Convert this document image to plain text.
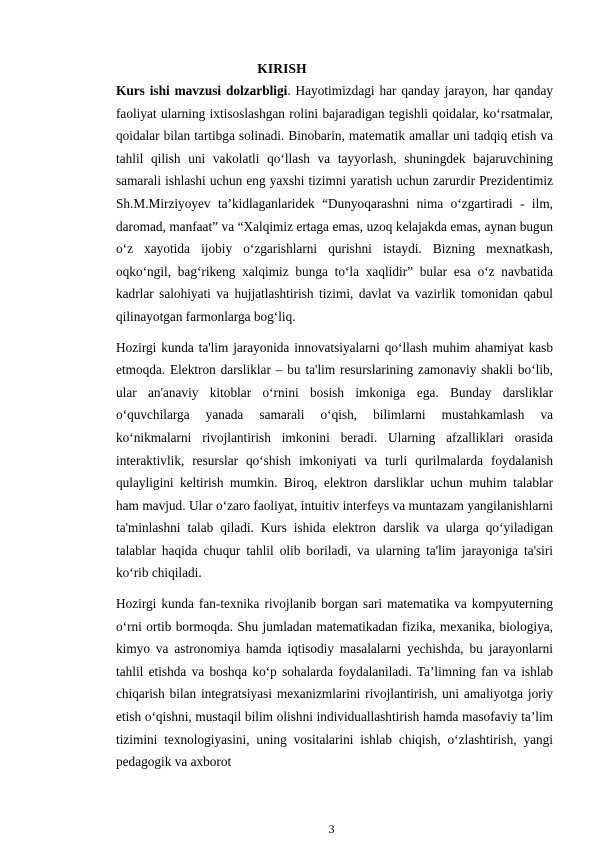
KIRISH

Kurs ishi mavzusi dolzarbligi. Hayotimizdagi har qanday jarayon, har qanday faoliyat ularning ixtisoslashgan rolini bajaradigan tegishli qoidalar, ko‘rsatmalar, qoidalar bilan tartibga solinadi. Binobarin, matematik amallar uni tadqiq etish va tahlil qilish uni vakolatli qo‘llash va tayyorlash, shuningdek bajaruvchining samarali ishlashi uchun eng yaxshi tizimni yaratish uchun zarurdir Prezidentimiz Sh.M.Mirziyoyev ta’kidlaganlaridek “Dunyoqarashni nima o‘zgartiradi - ilm, daromad, manfaat” va “Xalqimiz ertaga emas, uzoq kelajakda emas, aynan bugun o‘z xayotida ijobiy o‘zgarishlarni qurishni istaydi. Bizning mexnatkash, oqko‘ngil, bag‘rikeng xalqimiz bunga to‘la xaqlidir” bular esa o‘z navbatida kadrlar salohiyati va hujjatlashtirish tizimi, davlat va vazirlik tomonidan qabul qilinayotgan farmonlarga bog‘liq.

Hozirgi kunda ta'lim jarayonida innovatsiyalarni qo‘llash muhim ahamiyat kasb etmoqda. Elektron darsliklar – bu ta'lim resurslarining zamonaviy shakli bo‘lib, ular an'anaviy kitoblar o‘rnini bosish imkoniga ega. Bunday darsliklar o‘quvchilarga yanada samarali o‘qish, bilimlarni mustahkamlash va ko‘nikmalarni rivojlantirish imkonini beradi. Ularning afzalliklari orasida interaktivlik, resurslar qo‘shish imkoniyati va turli qurilmalarda foydalanish qulayligini keltirish mumkin. Biroq, elektron darsliklar uchun muhim talablar ham mavjud. Ular o‘zaro faoliyat, intuitiv interfeys va muntazam yangilanishlarni ta'minlashni talab qiladi. Kurs ishida elektron darslik va ularga qo‘yiladigan talablar haqida chuqur tahlil olib boriladi, va ularning ta'lim jarayoniga ta'siri ko‘rib chiqiladi.

Hozirgi kunda fan-texnika rivojlanib borgan sari matematika va kompyuterning o‘rni ortib bormoqda. Shu jumladan matematikadan fizika, mexanika, biologiya, kimyo va astronomiya hamda iqtisodiy masalalarni yechishda, bu jarayonlarni tahlil etishda va boshqa ko‘p sohalarda foydalaniladi. Ta’limning fan va ishlab chiqarish bilan integratsiyasi mexanizmlarini rivojlantirish, uni amaliyotga joriy etish o‘qishni, mustaqil bilim olishni individuallashtirish hamda masofaviy ta’lim tizimini texnologiyasini, uning vositalarini ishlab chiqish, o‘zlashtirish, yangi pedagogik va axborot

3
